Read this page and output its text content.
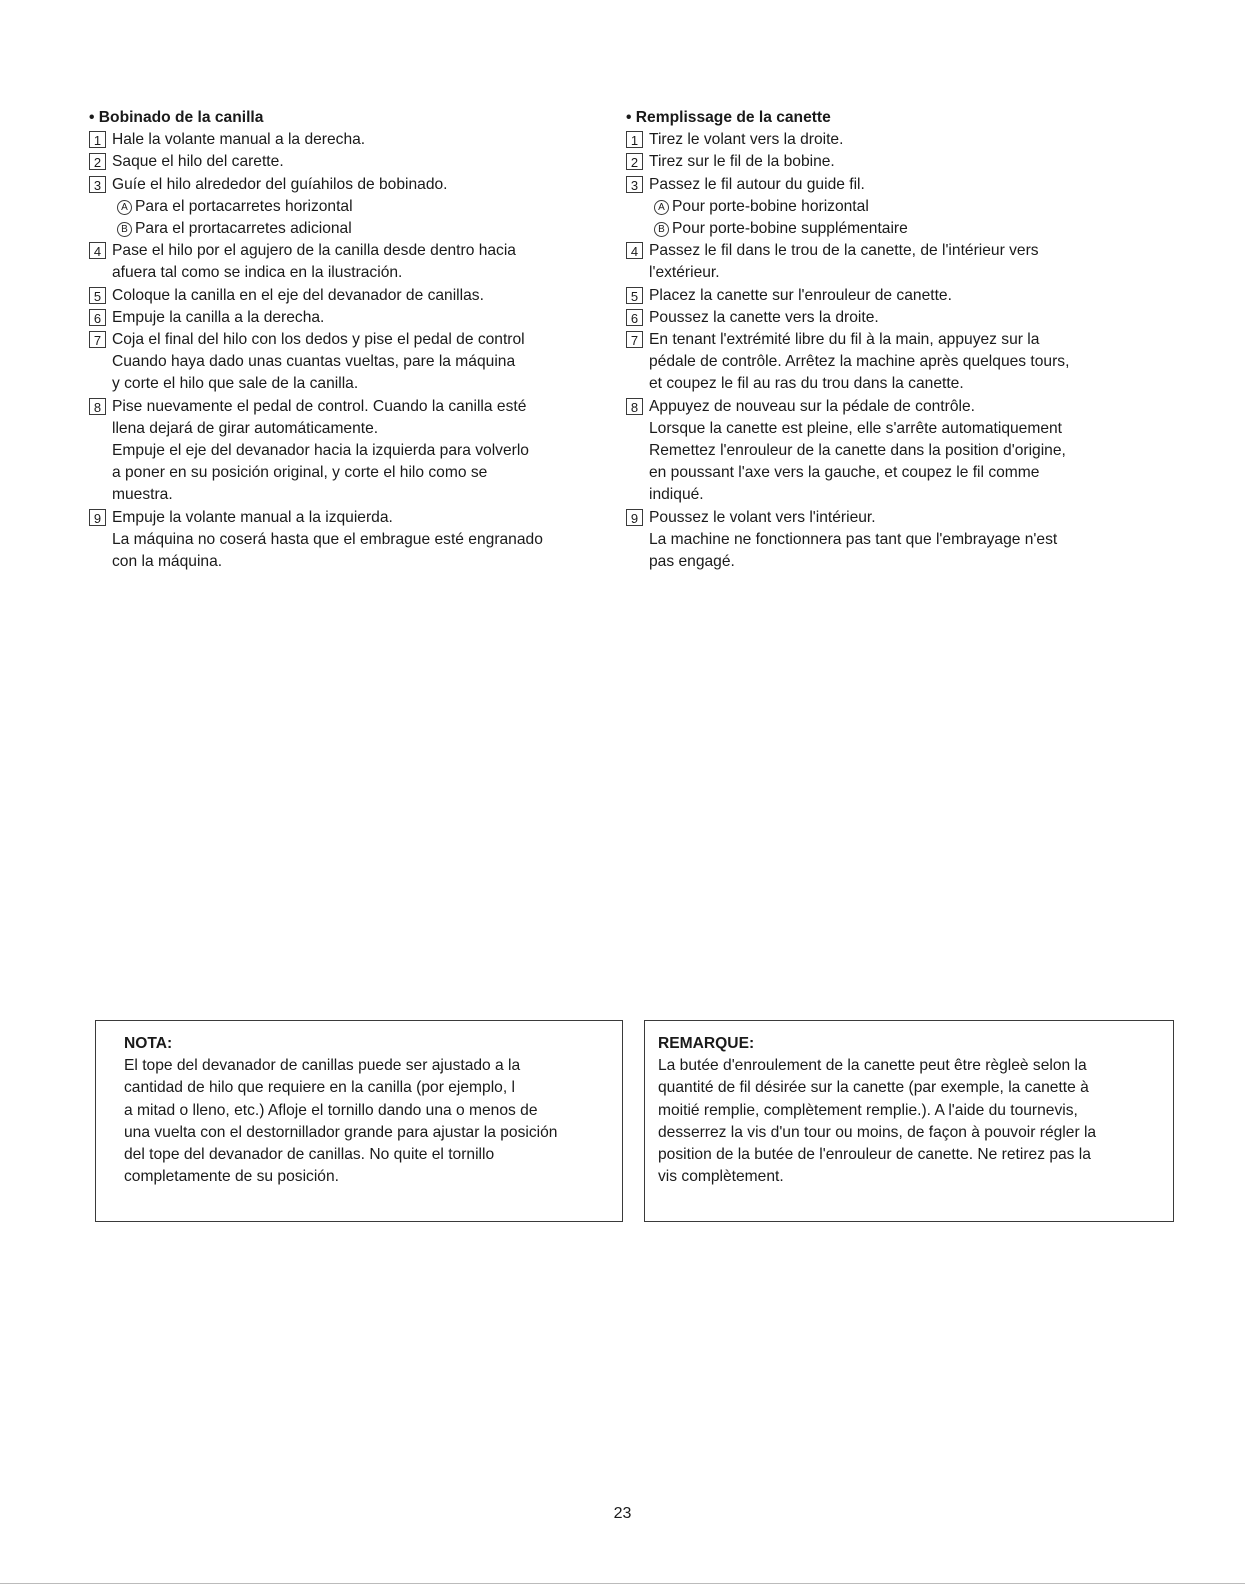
• Bobinado de la canilla
1 Hale la volante manual a la derecha.
2 Saque el hilo del carette.
3 Guíe el hilo alrededor del guíahilos de bobinado.
A Para el portacarretes horizontal
B Para el prortacarretes adicional
4 Pase el hilo por el agujero de la canilla desde dentro hacia
afuera tal como se indica en la ilustración.
5 Coloque la canilla en el eje del devanador de canillas.
6 Empuje la canilla a la derecha.
7 Coja el final del hilo con los dedos y pise el pedal de control
Cuando haya dado unas cuantas vueltas, pare la máquina
y corte el hilo que sale de la canilla.
8 Pise nuevamente el pedal de control. Cuando la canilla esté
llena dejará de girar automáticamente.
Empuje el eje del devanador hacia la izquierda para volverlo
a poner en su posición original, y corte el hilo como se
muestra.
9 Empuje la volante manual a la izquierda.
La máquina no coserá hasta que el embrague esté engranado
con la máquina.
• Remplissage de la canette
1 Tirez le volant vers la droite.
2 Tirez sur le fil de la bobine.
3 Passez le fil autour du guide fil.
A Pour porte-bobine horizontal
B Pour porte-bobine supplémentaire
4 Passez le fil dans le trou de la canette, de l'intérieur vers
l'extérieur.
5 Placez la canette sur l'enrouleur de canette.
6 Poussez la canette vers la droite.
7 En tenant l'extrémité libre du fil à la main, appuyez sur la
pédale de contrôle. Arrêtez la machine après quelques tours,
et coupez le fil au ras du trou dans la canette.
8 Appuyez de nouveau sur la pédale de contrôle.
Lorsque la canette est pleine, elle s'arrête automatiquement
Remettez l'enrouleur de la canette dans la position d'origine,
en poussant l'axe vers la gauche, et coupez le fil comme
indiqué.
9 Poussez le volant vers l'intérieur.
La machine ne fonctionnera pas tant que l'embrayage n'est
pas engagé.
NOTA:
El tope del devanador de canillas puede ser ajustado a la
cantidad de hilo que requiere en la canilla (por ejemplo, l
a mitad o lleno, etc.) Afloje el tornillo dando una o menos de
una vuelta con el destornillador grande para ajustar la posición
del tope del devanador de canillas. No quite el tornillo
completamente de su posición.
REMARQUE:
La butée d'enroulement de la canette peut être règleè selon la
quantité de fil désirée sur la canette (par exemple, la canette à
moitié remplie, complètement remplie.). A l'aide du tournevis,
desserrez la vis d'un tour ou moins, de façon à pouvoir régler la
position de la butée de l'enrouleur de canette. Ne retirez pas la
vis complètement.
23
